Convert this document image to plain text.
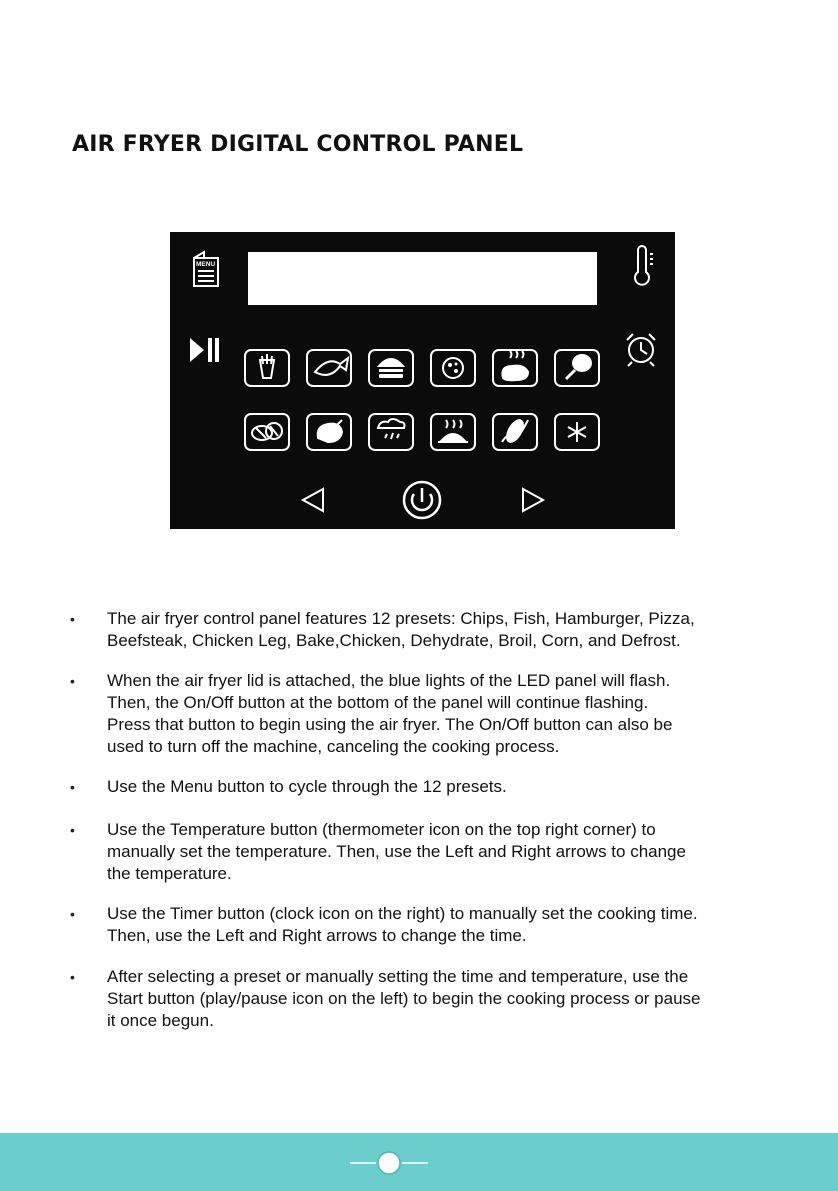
AIR FRYER DIGITAL CONTROL PANEL
MENU
• The air fryer control panel features 12 presets: Chips, Fish, Hamburger, Pizza,
Beefsteak, Chicken Leg, Bake,Chicken, Dehydrate, Broil, Corn, and Defrost.
• When the air fryer lid is attached, the blue lights of the LED panel will flash.
Then, the On/Off button at the bottom of the panel will continue flashing.
Press that button to begin using the air fryer. The On/Off button can also be
used to turn off the machine, canceling the cooking process.
• Use the Menu button to cycle through the 12 presets.
• Use the Temperature button (thermometer icon on the top right corner) to
manually set the temperature. Then, use the Left and Right arrows to change
the temperature.
• Use the Timer button (clock icon on the right) to manually set the cooking time.
Then, use the Left and Right arrows to change the time.
• After selecting a preset or manually setting the time and temperature, use the
Start button (play/pause icon on the left) to begin the cooking process or pause
it once begun.
